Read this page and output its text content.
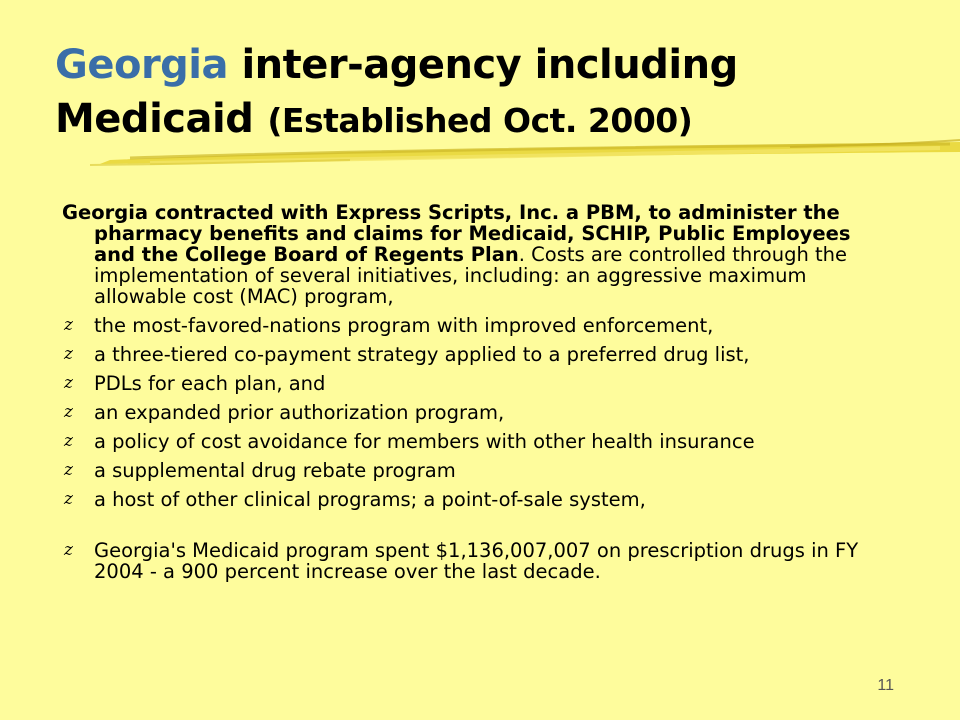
Georgia inter-agency including
Medicaid (Established Oct. 2000)

Georgia contracted with Express Scripts, Inc. a PBM, to administer the pharmacy benefits and claims for Medicaid, SCHIP, Public Employees and the College Board of Regents Plan. Costs are controlled through the implementation of several initiatives, including: an aggressive maximum allowable cost (MAC) program,

z the most-favored-nations program with improved enforcement,
z a three-tiered co-payment strategy applied to a preferred drug list,
z PDLs for each plan, and
z an expanded prior authorization program,
z a policy of cost avoidance for members with other health insurance
z a supplemental drug rebate program
z a host of other clinical programs; a point-of-sale system,
z Georgia's Medicaid program spent $1,136,007,007 on prescription drugs in FY 2004 - a 900 percent increase over the last decade.
11
